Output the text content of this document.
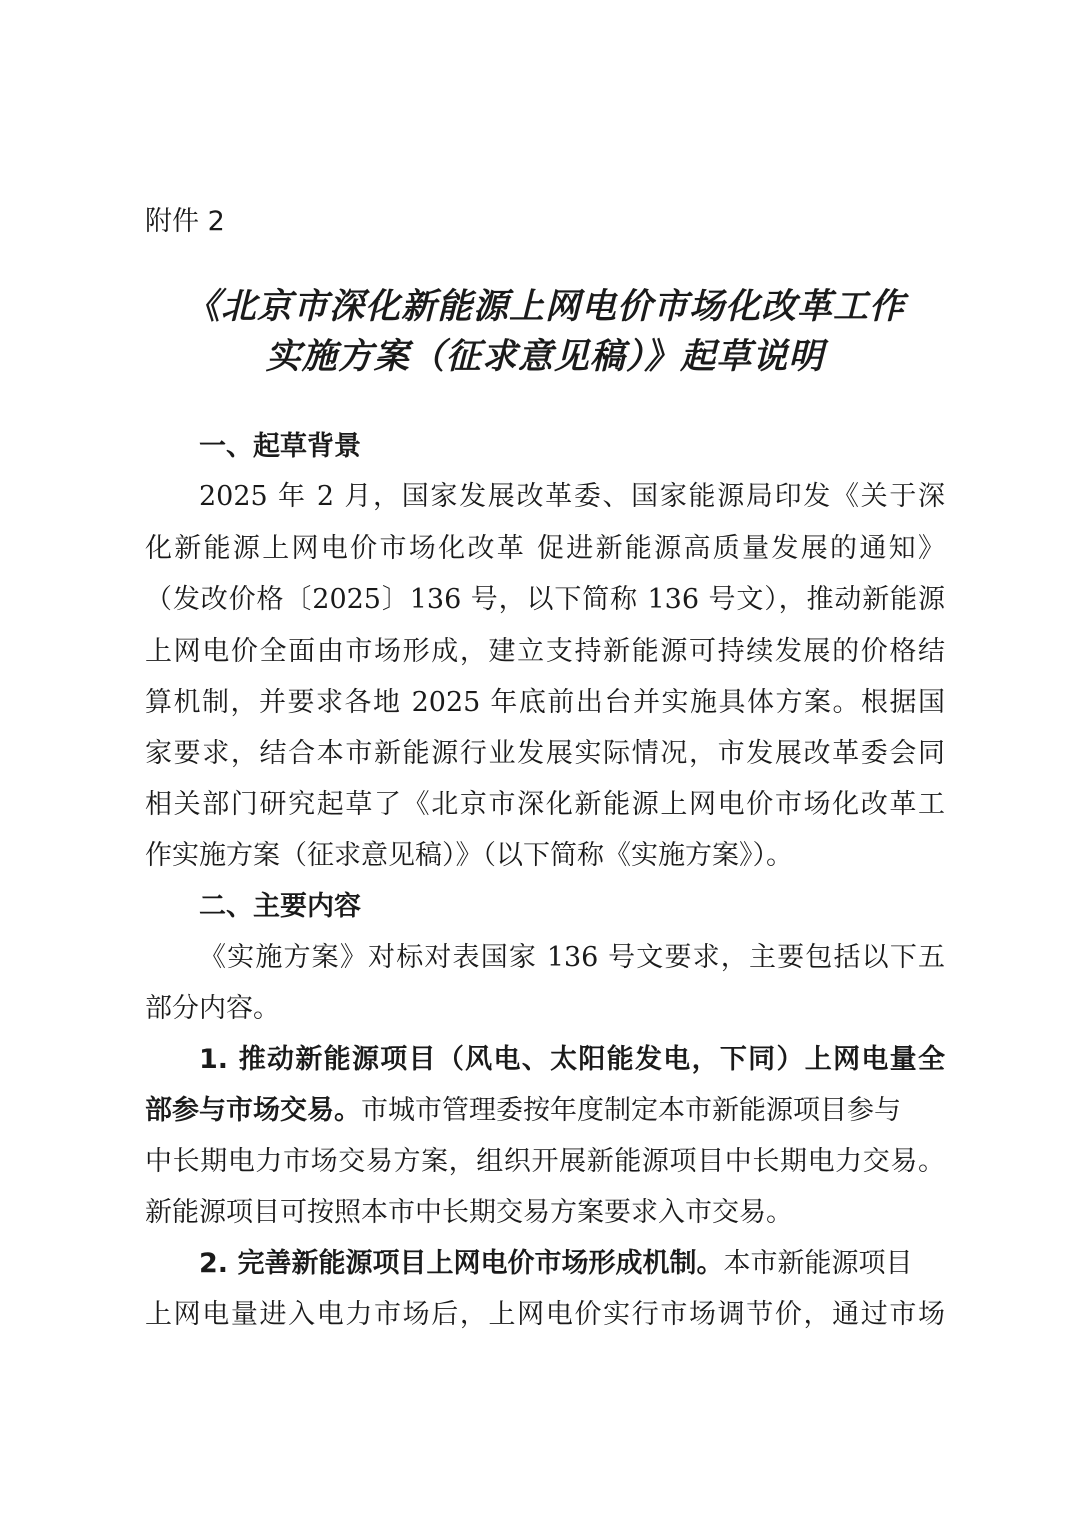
附件 2
《北京市深化新能源上网电价市场化改革工作
实施方案（征求意见稿）》起草说明
一、起草背景
2025 年 2 月，国家发展改革委、国家能源局印发《关于深
化新能源上网电价市场化改革 促进新能源高质量发展的通知》
（发改价格〔2025〕136 号，以下简称 136 号文），推动新能源
上网电价全面由市场形成，建立支持新能源可持续发展的价格结
算机制，并要求各地 2025 年底前出台并实施具体方案。根据国
家要求，结合本市新能源行业发展实际情况，市发展改革委会同
相关部门研究起草了《北京市深化新能源上网电价市场化改革工
作实施方案（征求意见稿）》（以下简称《实施方案》）。
二、主要内容
《实施方案》对标对表国家 136 号文要求，主要包括以下五
部分内容。
1. 推动新能源项目（风电、太阳能发电，下同）上网电量全
部参与市场交易。市城市管理委按年度制定本市新能源项目参与
中长期电力市场交易方案，组织开展新能源项目中长期电力交易。
新能源项目可按照本市中长期交易方案要求入市交易。
2. 完善新能源项目上网电价市场形成机制。本市新能源项目
上网电量进入电力市场后，上网电价实行市场调节价，通过市场
